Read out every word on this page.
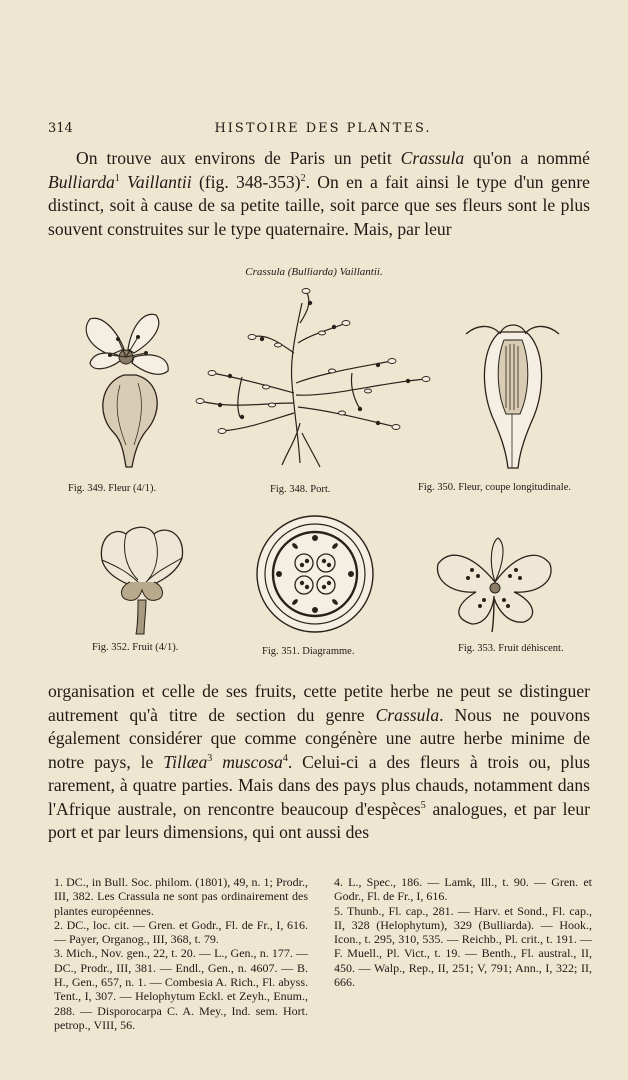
314	HISTOIRE DES PLANTES.

On trouve aux environs de Paris un petit Crassula qu'on a nommé Bulliarda$^1$ Vaillantii (fig. 348-353)$^2$. On en a fait ainsi le type d'un genre distinct, soit à cause de sa petite taille, soit parce que ses fleurs sont le plus souvent construites sur le type quaternaire. Mais, par leur

Crassula (Bulliarda) Vaillantii.
Fig. 349. Fleur (4/1).	Fig. 348. Port.	Fig. 350. Fleur, coupe longitudinale.
Fig. 352. Fruit (4/1).	Fig. 351. Diagramme.	Fig. 353. Fruit déhiscent.

organisation et celle de ses fruits, cette petite herbe ne peut se distinguer autrement qu'à titre de section du genre Crassula. Nous ne pouvons également considérer que comme congénère une autre herbe minime de notre pays, le Tillæa$^3$ muscosa$^4$. Celui-ci a des fleurs à trois ou, plus rarement, à quatre parties. Mais dans des pays plus chauds, notamment dans l'Afrique australe, on rencontre beaucoup d'espèces$^5$ analogues, et par leur port et par leurs dimensions, qui ont aussi des

1. DC., in Bull. Soc. philom. (1801), 49, n. 1; Prodr., III, 382. Les Crassula ne sont pas ordinairement des plantes européennes.

2. DC., loc. cit. — Gren. et Godr., Fl. de Fr., I, 616. — Payer, Organog., III, 368, t. 79.

3. Mich., Nov. gen., 22, t. 20. — L., Gen., n. 177. — DC., Prodr., III, 381. — Endl., Gen., n. 4607. — B. H., Gen., 657, n. 1. — Combesia A. Rich., Fl. abyss. Tent., I, 307. — Helophytum Eckl. et Zeyh., Enum., 288. — Disporocarpa C. A. Mey., Ind. sem. Hort. petrop., VIII, 56.

4. L., Spec., 186. — Lamk, Ill., t. 90. — Gren. et Godr., Fl. de Fr., I, 616.

5. Thunb., Fl. cap., 281. — Harv. et Sond., Fl. cap., II, 328 (Helophytum), 329 (Bulliarda). — Hook., Icon., t. 295, 310, 535. — Reichb., Pl. crit., t. 191. — F. Muell., Pl. Vict., t. 19. — Benth., Fl. austral., II, 450. — Walp., Rep., II, 251; V, 791; Ann., I, 322; II, 666.
